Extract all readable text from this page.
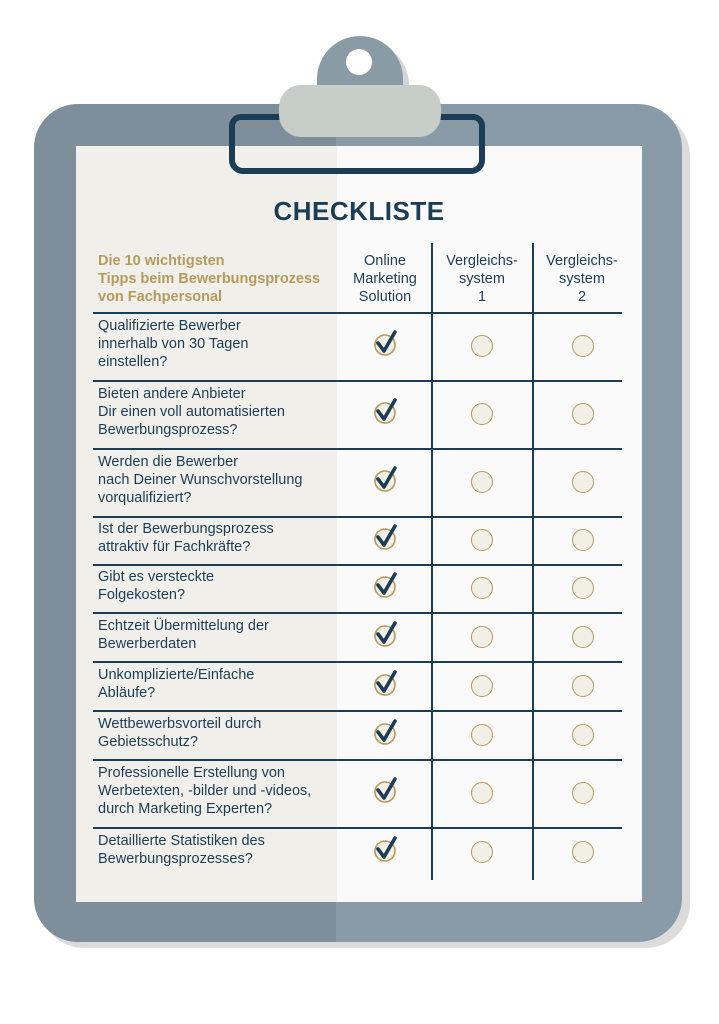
CHECKLISTE
Die 10 wichtigsten
Tipps beim Bewerbungsprozess
von Fachpersonal
Online
Marketing
Solution
Vergleichs-
system
1
Vergleichs-
system
2
Qualifizierte Bewerber
innerhalb von 30 Tagen
einstellen?
Bieten andere Anbieter
Dir einen voll automatisierten
Bewerbungsprozess?
Werden die Bewerber
nach Deiner Wunschvorstellung
vorqualifiziert?
Ist der Bewerbungsprozess
attraktiv für Fachkräfte?
Gibt es versteckte
Folgekosten?
Echtzeit Übermittelung der
Bewerberdaten
Unkomplizierte/Einfache
Abläufe?
Wettbewerbsvorteil durch
Gebietsschutz?
Professionelle Erstellung von
Werbetexten, -bilder und -videos,
durch Marketing Experten?
Detaillierte Statistiken des
Bewerbungsprozesses?
